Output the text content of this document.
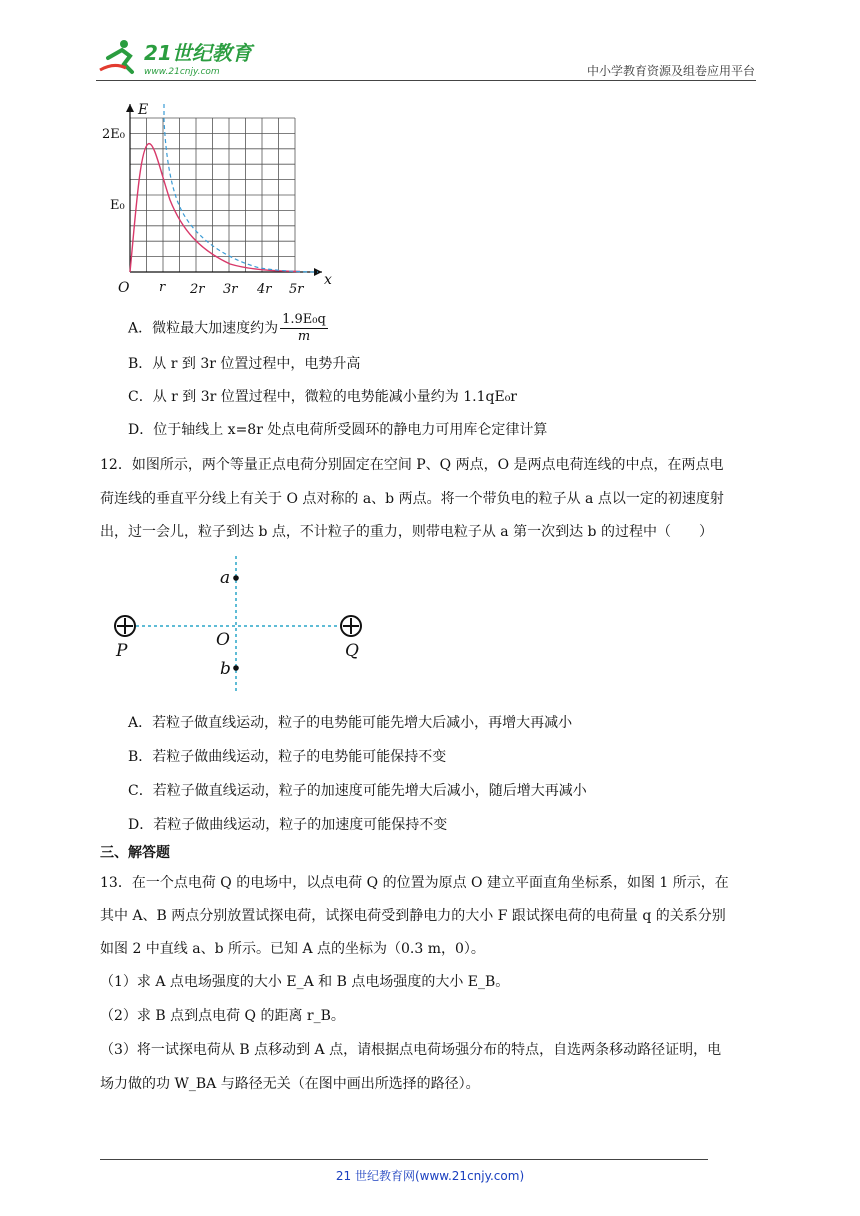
21世纪教育
www.21cnjy.com	中小学教育资源及组卷应用平台
E
x
O
2E₀
E₀
r 2r 3r 4r 5r
A．微粒最大加速度约为 $\frac{\text{1.9E₀q}}{m}$
B．从 r 到 3r 位置过程中，电势升高
C．从 r 到 3r 位置过程中，微粒的电势能减小量约为 1.1qE₀r
D．位于轴线上 x=8r 处点电荷所受圆环的静电力可用库仑定律计算
12．如图所示，两个等量正点电荷分别固定在空间 P、Q 两点，O 是两点电荷连线的中点，在两点电
荷连线的垂直平分线上有关于 O 点对称的 a、b 两点。将一个带负电的粒子从 a 点以一定的初速度射
出，过一会儿，粒子到达 b 点，不计粒子的重力，则带电粒子从 a 第一次到达 b 的过程中（　　）
a
b
O
P	Q
A．若粒子做直线运动，粒子的电势能可能先增大后减小，再增大再减小
B．若粒子做曲线运动，粒子的电势能可能保持不变
C．若粒子做直线运动，粒子的加速度可能先增大后减小，随后增大再减小
D．若粒子做曲线运动，粒子的加速度可能保持不变
三、解答题
13．在一个点电荷 Q 的电场中，以点电荷 Q 的位置为原点 O 建立平面直角坐标系，如图 1 所示，在
其中 A、B 两点分别放置试探电荷，试探电荷受到静电力的大小 F 跟试探电荷的电荷量 q 的关系分别
如图 2 中直线 a、b 所示。已知 A 点的坐标为（0.3 m，0）。
（1）求 A 点电场强度的大小 E_A 和 B 点电场强度的大小 E_B。
（2）求 B 点到点电荷 Q 的距离 r_B。
（3）将一试探电荷从 B 点移动到 A 点，请根据点电荷场强分布的特点，自选两条移动路径证明，电
场力做的功 W_BA 与路径无关（在图中画出所选择的路径）。
21 世纪教育网(www.21cnjy.com)
